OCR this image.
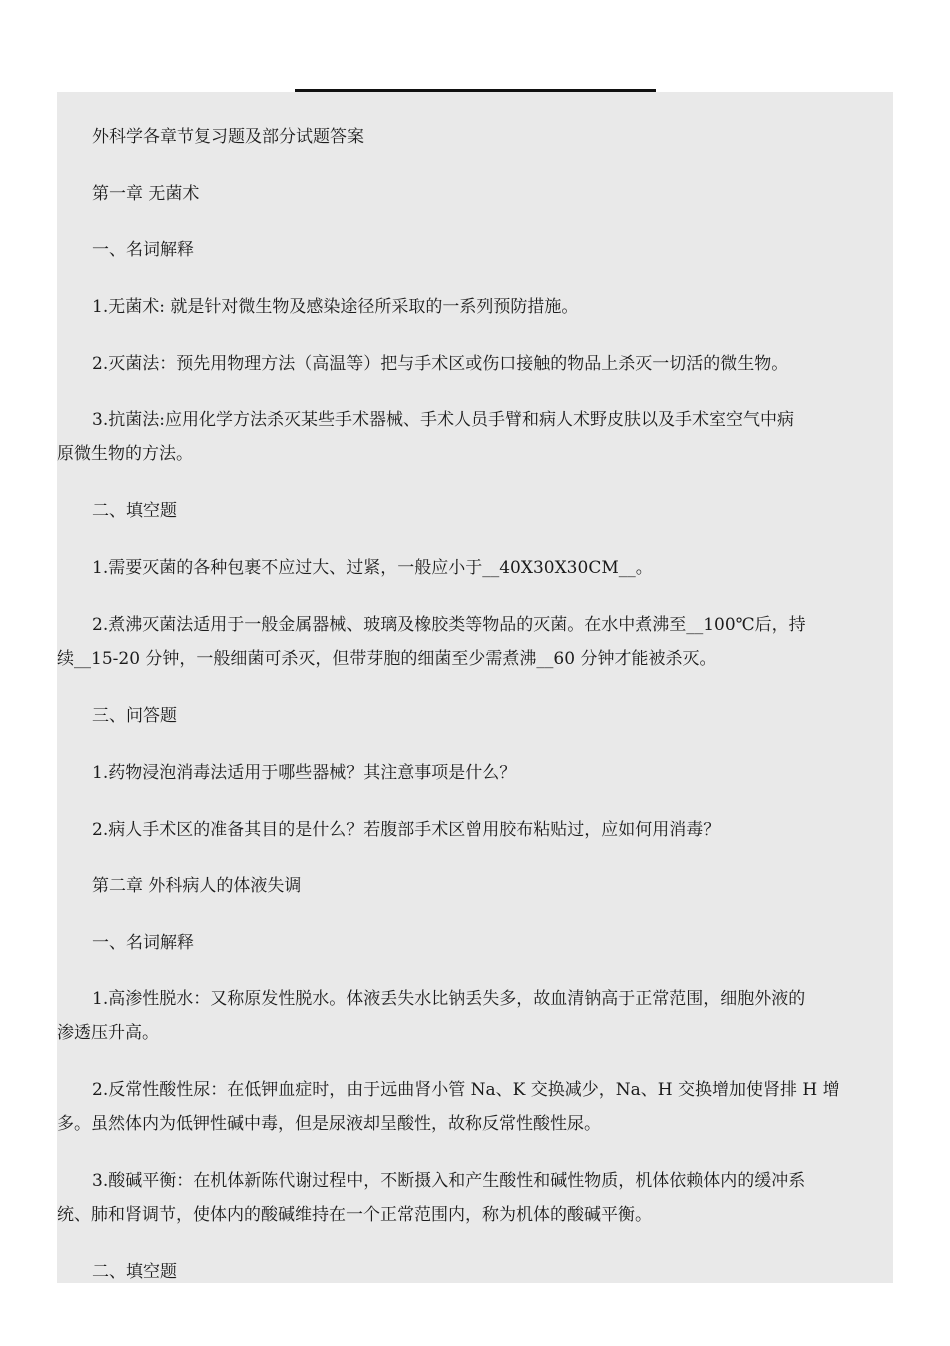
外科学各章节复习题及部分试题答案

第一章 无菌术

一、名词解释

1.无菌术: 就是针对微生物及感染途径所采取的一系列预防措施。

2.灭菌法：预先用物理方法（高温等）把与手术区或伤口接触的物品上杀灭一切活的微生物。

3.抗菌法:应用化学方法杀灭某些手术器械、手术人员手臂和病人术野皮肤以及手术室空气中病
原微生物的方法。

二、填空题

1.需要灭菌的各种包裹不应过大、过紧，一般应小于__40X30X30CM__。

2.煮沸灭菌法适用于一般金属器械、玻璃及橡胶类等物品的灭菌。在水中煮沸至__100℃后，持
续__15-20 分钟，一般细菌可杀灭，但带芽胞的细菌至少需煮沸__60 分钟才能被杀灭。

三、问答题

1.药物浸泡消毒法适用于哪些器械？其注意事项是什么？

2.病人手术区的准备其目的是什么？若腹部手术区曾用胶布粘贴过，应如何用消毒？

第二章 外科病人的体液失调

一、名词解释

1.高渗性脱水：又称原发性脱水。体液丢失水比钠丢失多，故血清钠高于正常范围，细胞外液的
渗透压升高。

2.反常性酸性尿：在低钾血症时，由于远曲肾小管 Na、K 交换减少，Na、H 交换增加使肾排 H 增
多。虽然体内为低钾性碱中毒，但是尿液却呈酸性，故称反常性酸性尿。

3.酸碱平衡：在机体新陈代谢过程中，不断摄入和产生酸性和碱性物质，机体依赖体内的缓冲系
统、肺和肾调节，使体内的酸碱维持在一个正常范围内，称为机体的酸碱平衡。

二、填空题
